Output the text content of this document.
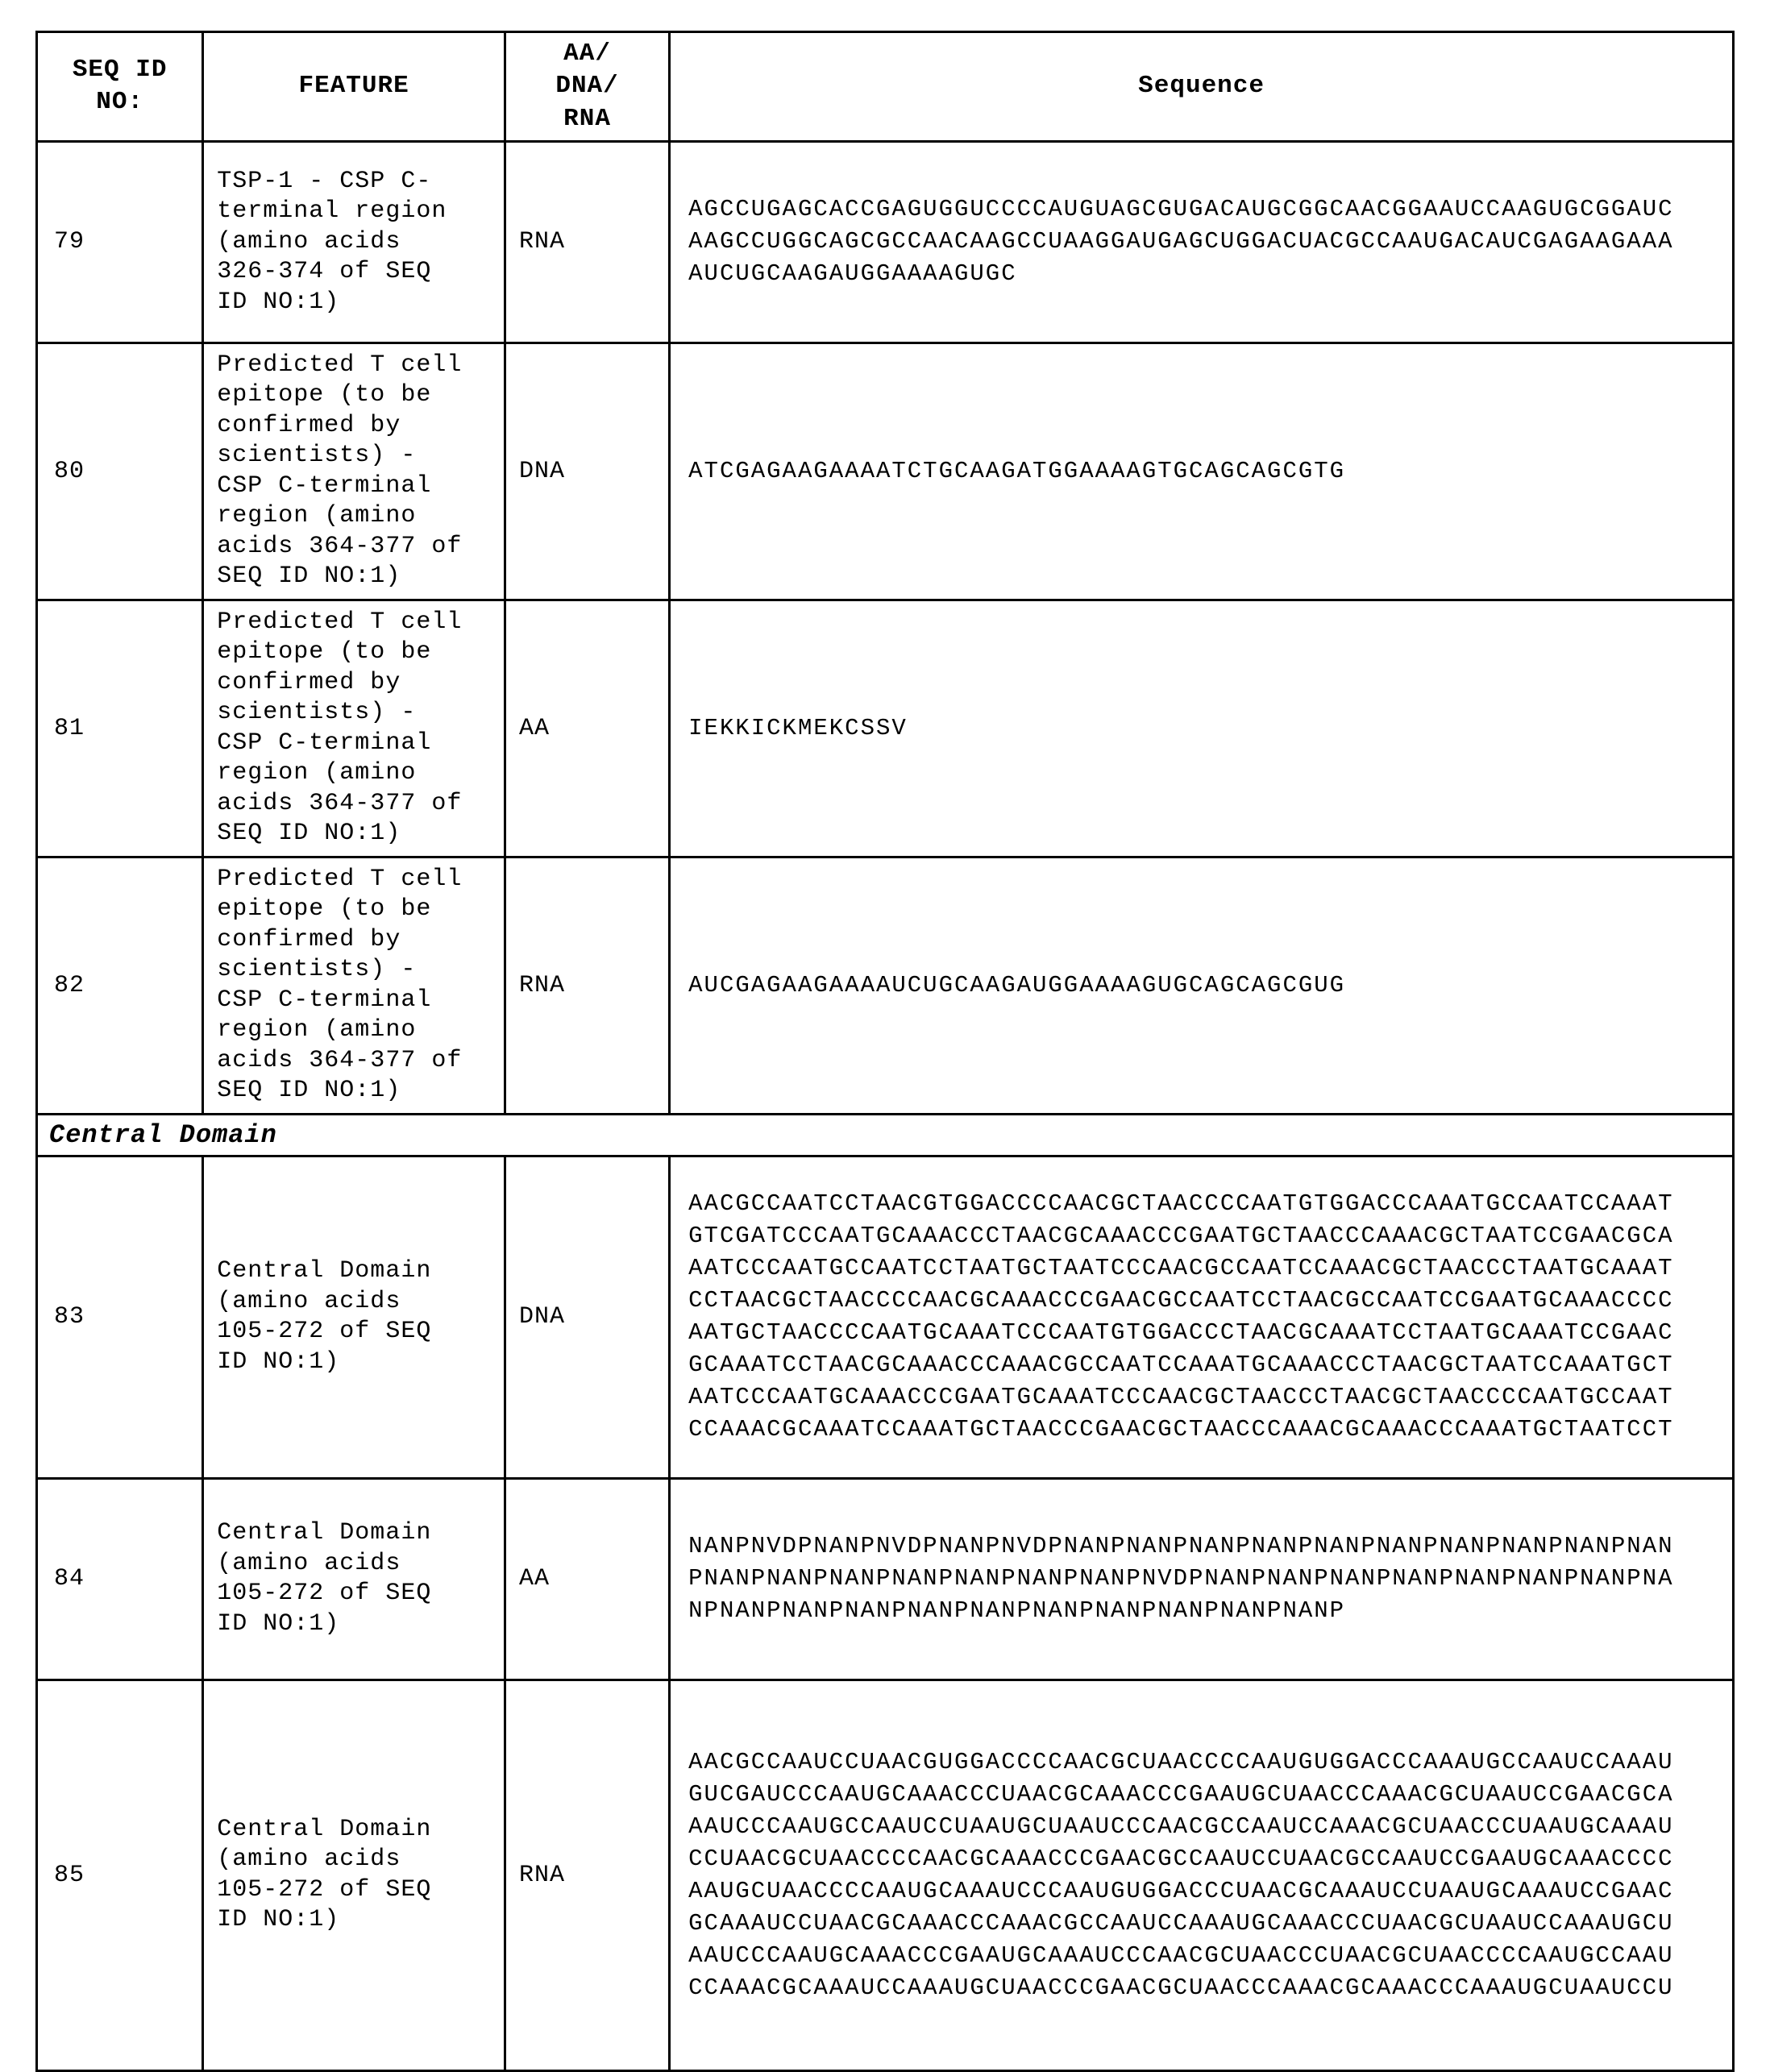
SEQ ID
NO:	FEATURE	AA/
DNA/
RNA	Sequence
79	TSP-1 - CSP C-
terminal region
(amino acids
326-374 of SEQ
ID NO:1)	RNA	AGCCUGAGCACCGAGUGGUCCCCAUGUAGCGUGACAUGCGGCAACGGAAUCCAAGUGCGGAUC
AAGCCUGGCAGCGCCAACAAGCCUAAGGAUGAGCUGGACUACGCCAAUGACAUCGAGAAGAAA
AUCUGCAAGAUGGAAAAGUGC
80	Predicted T cell
epitope (to be
confirmed by
scientists) -
CSP C-terminal
region (amino
acids 364-377 of
SEQ ID NO:1)	DNA	ATCGAGAAGAAAATCTGCAAGATGGAAAAGTGCAGCAGCGTG
81	Predicted T cell
epitope (to be
confirmed by
scientists) -
CSP C-terminal
region (amino
acids 364-377 of
SEQ ID NO:1)	AA	IEKKICKMEKCSSV
82	Predicted T cell
epitope (to be
confirmed by
scientists) -
CSP C-terminal
region (amino
acids 364-377 of
SEQ ID NO:1)	RNA	AUCGAGAAGAAAAUCUGCAAGAUGGAAAAGUGCAGCAGCGUG
Central Domain			
83	Central Domain
(amino acids
105-272 of SEQ
ID NO:1)	DNA	AACGCCAATCCTAACGTGGACCCCAACGCTAACCCCAATGTGGACCCAAATGCCAATCCAAAT
GTCGATCCCAATGCAAACCCTAACGCAAACCCGAATGCTAACCCAAACGCTAATCCGAACGCA
AATCCCAATGCCAATCCTAATGCTAATCCCAACGCCAATCCAAACGCTAACCCTAATGCAAAT
CCTAACGCTAACCCCAACGCAAACCCGAACGCCAATCCTAACGCCAATCCGAATGCAAACCCC
AATGCTAACCCCAATGCAAATCCCAATGTGGACCCTAACGCAAATCCTAATGCAAATCCGAAC
GCAAATCCTAACGCAAACCCAAACGCCAATCCAAATGCAAACCCTAACGCTAATCCAAATGCT
AATCCCAATGCAAACCCGAATGCAAATCCCAACGCTAACCCTAACGCTAACCCCAATGCCAAT
CCAAACGCAAATCCAAATGCTAACCCGAACGCTAACCCAAACGCAAACCCAAATGCTAATCCT
84	Central Domain
(amino acids
105-272 of SEQ
ID NO:1)	AA	NANPNVDPNANPNVDPNANPNVDPNANPNANPNANPNANPNANPNANPNANPNANPNANPNAN
PNANPNANPNANPNANPNANPNANPNANPNVDPNANPNANPNANPNANPNANPNANPNANPNA
NPNANPNANPNANPNANPNANPNANPNANPNANPNANPNANP
85	Central Domain
(amino acids
105-272 of SEQ
ID NO:1)	RNA	AACGCCAAUCCUAACGUGGACCCCAACGCUAACCCCAAUGUGGACCCAAAUGCCAAUCCAAAU
GUCGAUCCCAAUGCAAACCCUAACGCAAACCCGAAUGCUAACCCAAACGCUAAUCCGAACGCA
AAUCCCAAUGCCAAUCCUAAUGCUAAUCCCAACGCCAAUCCAAACGCUAACCCUAAUGCAAAU
CCUAACGCUAACCCCAACGCAAACCCGAACGCCAAUCCUAACGCCAAUCCGAAUGCAAACCCC
AAUGCUAACCCCAAUGCAAAUCCCAAUGUGGACCCUAACGCAAAUCCUAAUGCAAAUCCGAAC
GCAAAUCCUAACGCAAACCCAAACGCCAAUCCAAAUGCAAACCCUAACGCUAAUCCAAAUGCU
AAUCCCAAUGCAAACCCGAAUGCAAAUCCCAACGCUAACCCUAACGCUAACCCCAAUGCCAAU
CCAAACGCAAAUCCAAAUGCUAACCCGAACGCUAACCCAAACGCAAACCCAAAUGCUAAUCCU
